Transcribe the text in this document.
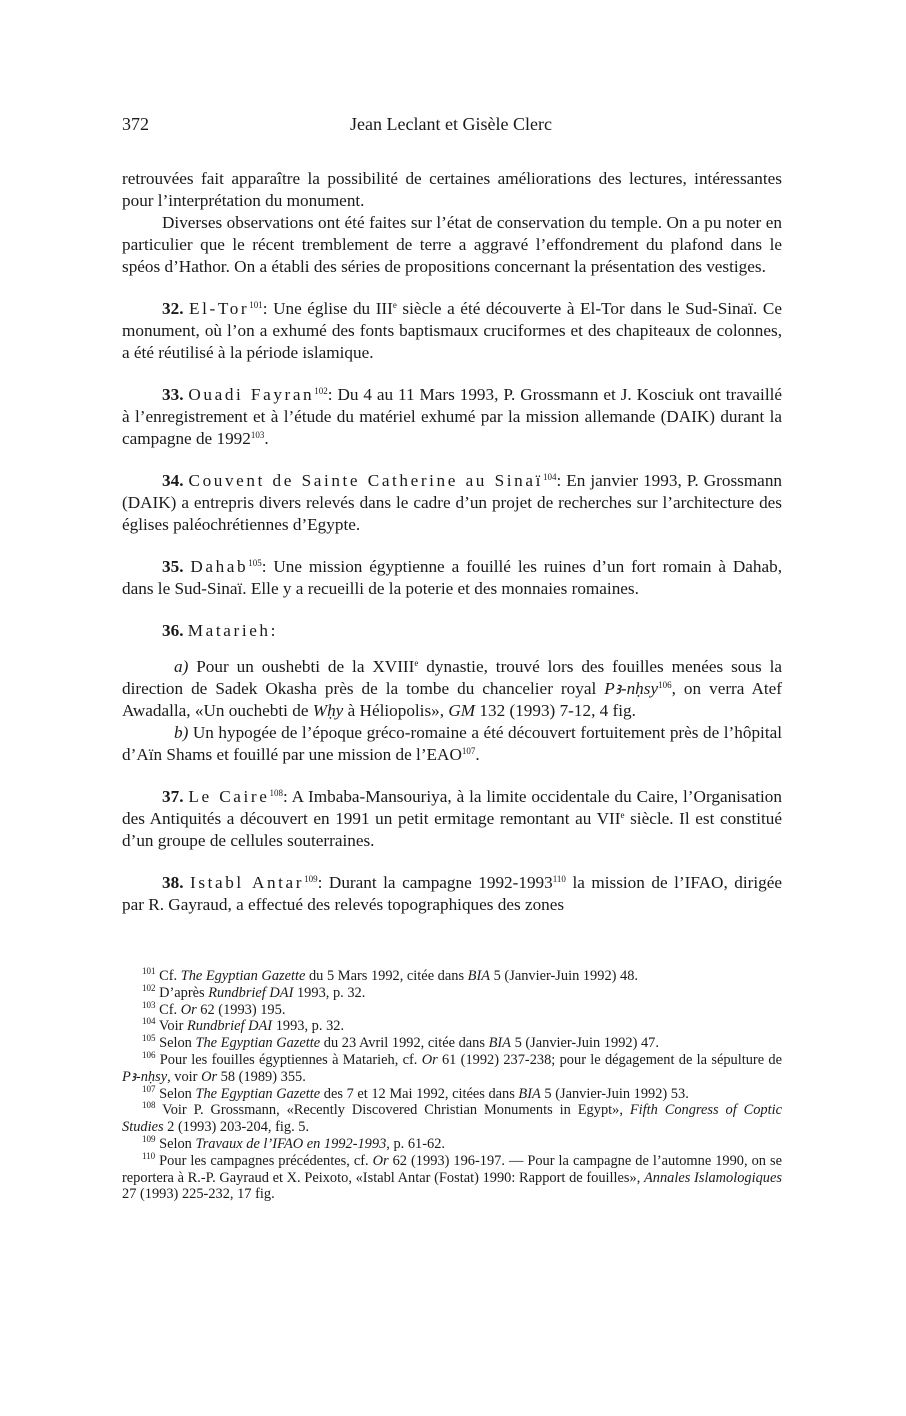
372	Jean Leclant et Gisèle Clerc

retrouvées fait apparaître la possibilité de certaines améliorations des lectures, intéressantes pour l’interprétation du monument.

Diverses observations ont été faites sur l’état de conservation du temple. On a pu noter en particulier que le récent tremblement de terre a aggravé l’effondrement du plafond dans le spéos d’Hathor. On a établi des séries de propositions concernant la présentation des vestiges.

32. El-Tor$^{101}$: Une église du IIIe siècle a été découverte à El-Tor dans le Sud-Sinaï. Ce monument, où l’on a exhumé des fonts baptismaux cruciformes et des chapiteaux de colonnes, a été réutilisé à la période islamique.

33. Ouadi Fayran$^{102}$: Du 4 au 11 Mars 1993, P. Grossmann et J. Kosciuk ont travaillé à l’enregistrement et à l’étude du matériel exhumé par la mission allemande (DAIK) durant la campagne de 1992$^{103}$.

34. Couvent de Sainte Catherine au Sinaï$^{104}$: En janvier 1993, P. Grossmann (DAIK) a entrepris divers relevés dans le cadre d’un projet de recherches sur l’architecture des églises paléochrétiennes d’Egypte.

35. Dahab$^{105}$: Une mission égyptienne a fouillé les ruines d’un fort romain à Dahab, dans le Sud-Sinaï. Elle y a recueilli de la poterie et des monnaies romaines.

36. Matarieh:

a) Pour un oushebti de la XVIIIe dynastie, trouvé lors des fouilles menées sous la direction de Sadek Okasha près de la tombe du chancelier royal Pꜣ-nḥsy$^{106}$, on verra Atef Awadalla, «Un ouchebti de Wḥy à Héliopolis», GM 132 (1993) 7-12, 4 fig.

b) Un hypogée de l’époque gréco-romaine a été découvert fortuitement près de l’hôpital d’Aïn Shams et fouillé par une mission de l’EAO$^{107}$.

37. Le Caire$^{108}$: A Imbaba-Mansouriya, à la limite occidentale du Caire, l’Organisation des Antiquités a découvert en 1991 un petit ermitage remontant au VIIe siècle. Il est constitué d’un groupe de cellules souterraines.

38. Istabl Antar$^{109}$: Durant la campagne 1992-1993$^{110}$ la mission de l’IFAO, dirigée par R. Gayraud, a effectué des relevés topographiques des zones

$^{101}$ Cf. The Egyptian Gazette du 5 Mars 1992, citée dans BIA 5 (Janvier-Juin 1992) 48.

$^{102}$ D’après Rundbrief DAI 1993, p. 32.

$^{103}$ Cf. Or 62 (1993) 195.

$^{104}$ Voir Rundbrief DAI 1993, p. 32.

$^{105}$ Selon The Egyptian Gazette du 23 Avril 1992, citée dans BIA 5 (Janvier-Juin 1992) 47.

$^{106}$ Pour les fouilles égyptiennes à Matarieh, cf. Or 61 (1992) 237-238; pour le dégagement de la sépulture de Pꜣ-nḥsy, voir Or 58 (1989) 355.

$^{107}$ Selon The Egyptian Gazette des 7 et 12 Mai 1992, citées dans BIA 5 (Janvier-Juin 1992) 53.

$^{108}$ Voir P. Grossmann, «Recently Discovered Christian Monuments in Egypt», Fifth Congress of Coptic Studies 2 (1993) 203-204, fig. 5.

$^{109}$ Selon Travaux de l’IFAO en 1992-1993, p. 61-62.

$^{110}$ Pour les campagnes précédentes, cf. Or 62 (1993) 196-197. — Pour la campagne de l’automne 1990, on se reportera à R.-P. Gayraud et X. Peixoto, «Istabl Antar (Fostat) 1990: Rapport de fouilles», Annales Islamologiques 27 (1993) 225-232, 17 fig.
